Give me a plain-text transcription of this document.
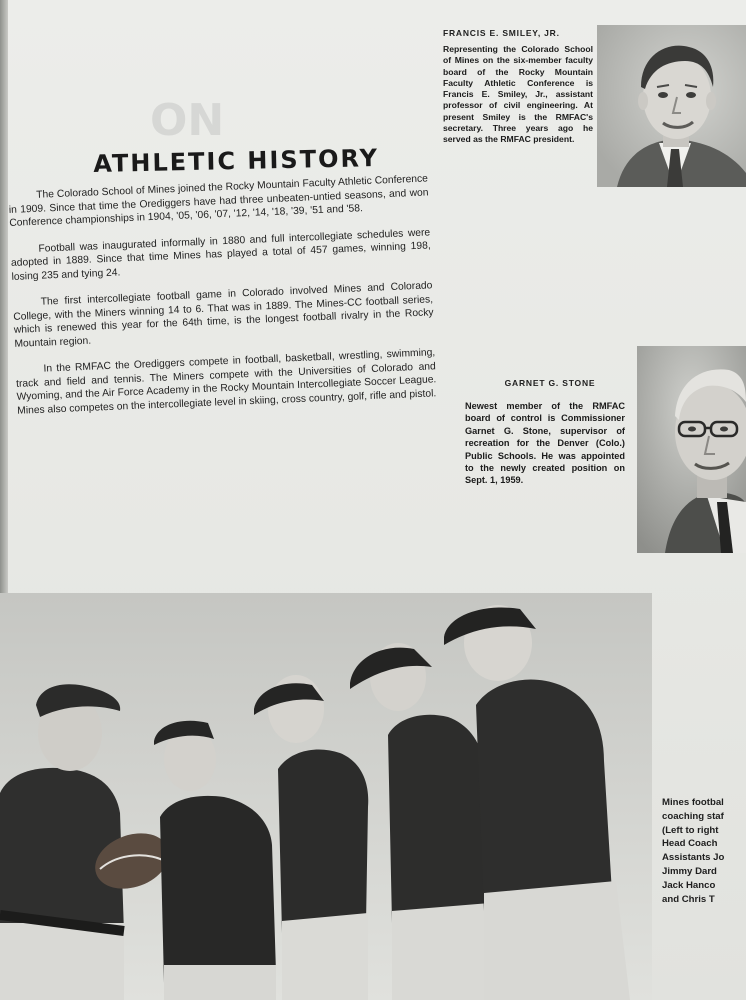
ON
ATHLETIC HISTORY

The Colorado School of Mines joined the Rocky Mountain Faculty Athletic Conference in 1909. Since that time the Orediggers have had three unbeaten-untied seasons, and won Conference championships in 1904, '05, '06, '07, '12, '14, '18, '39, '51 and '58.

Football was inaugurated informally in 1880 and full intercollegiate schedules were adopted in 1889. Since that time Mines has played a total of 457 games, winning 198, losing 235 and tying 24.

The first intercollegiate football game in Colorado involved Mines and Colorado College, with the Miners winning 14 to 6. That was in 1889. The Mines-CC football series, which is renewed this year for the 64th time, is the longest football rivalry in the Rocky Mountain region.

In the RMFAC the Orediggers compete in football, basketball, wrestling, swimming, track and field and tennis. The Miners compete with the Universities of Colorado and Wyoming, and the Air Force Academy in the Rocky Mountain Intercollegiate Soccer League. Mines also competes on the intercollegiate level in skiing, cross country, golf, rifle and pistol.

FRANCIS E. SMILEY, JR.

Representing the Colorado School of Mines on the six-member faculty board of the Rocky Mountain Faculty Athletic Conference is Francis E. Smiley, Jr., assistant professor of civil engineering. At present Smiley is the RMFAC's secretary. Three years ago he served as the RMFAC president.

GARNET G. STONE

Newest member of the RMFAC board of control is Commissioner Garnet G. Stone, supervisor of recreation for the Denver (Colo.) Public Schools. He was appointed to the newly created position on Sept. 1, 1959.

Mines footbal
coaching staf
(Left to right
Head Coach
Assistants Jo
Jimmy Dard
Jack Hanco
and Chris T
